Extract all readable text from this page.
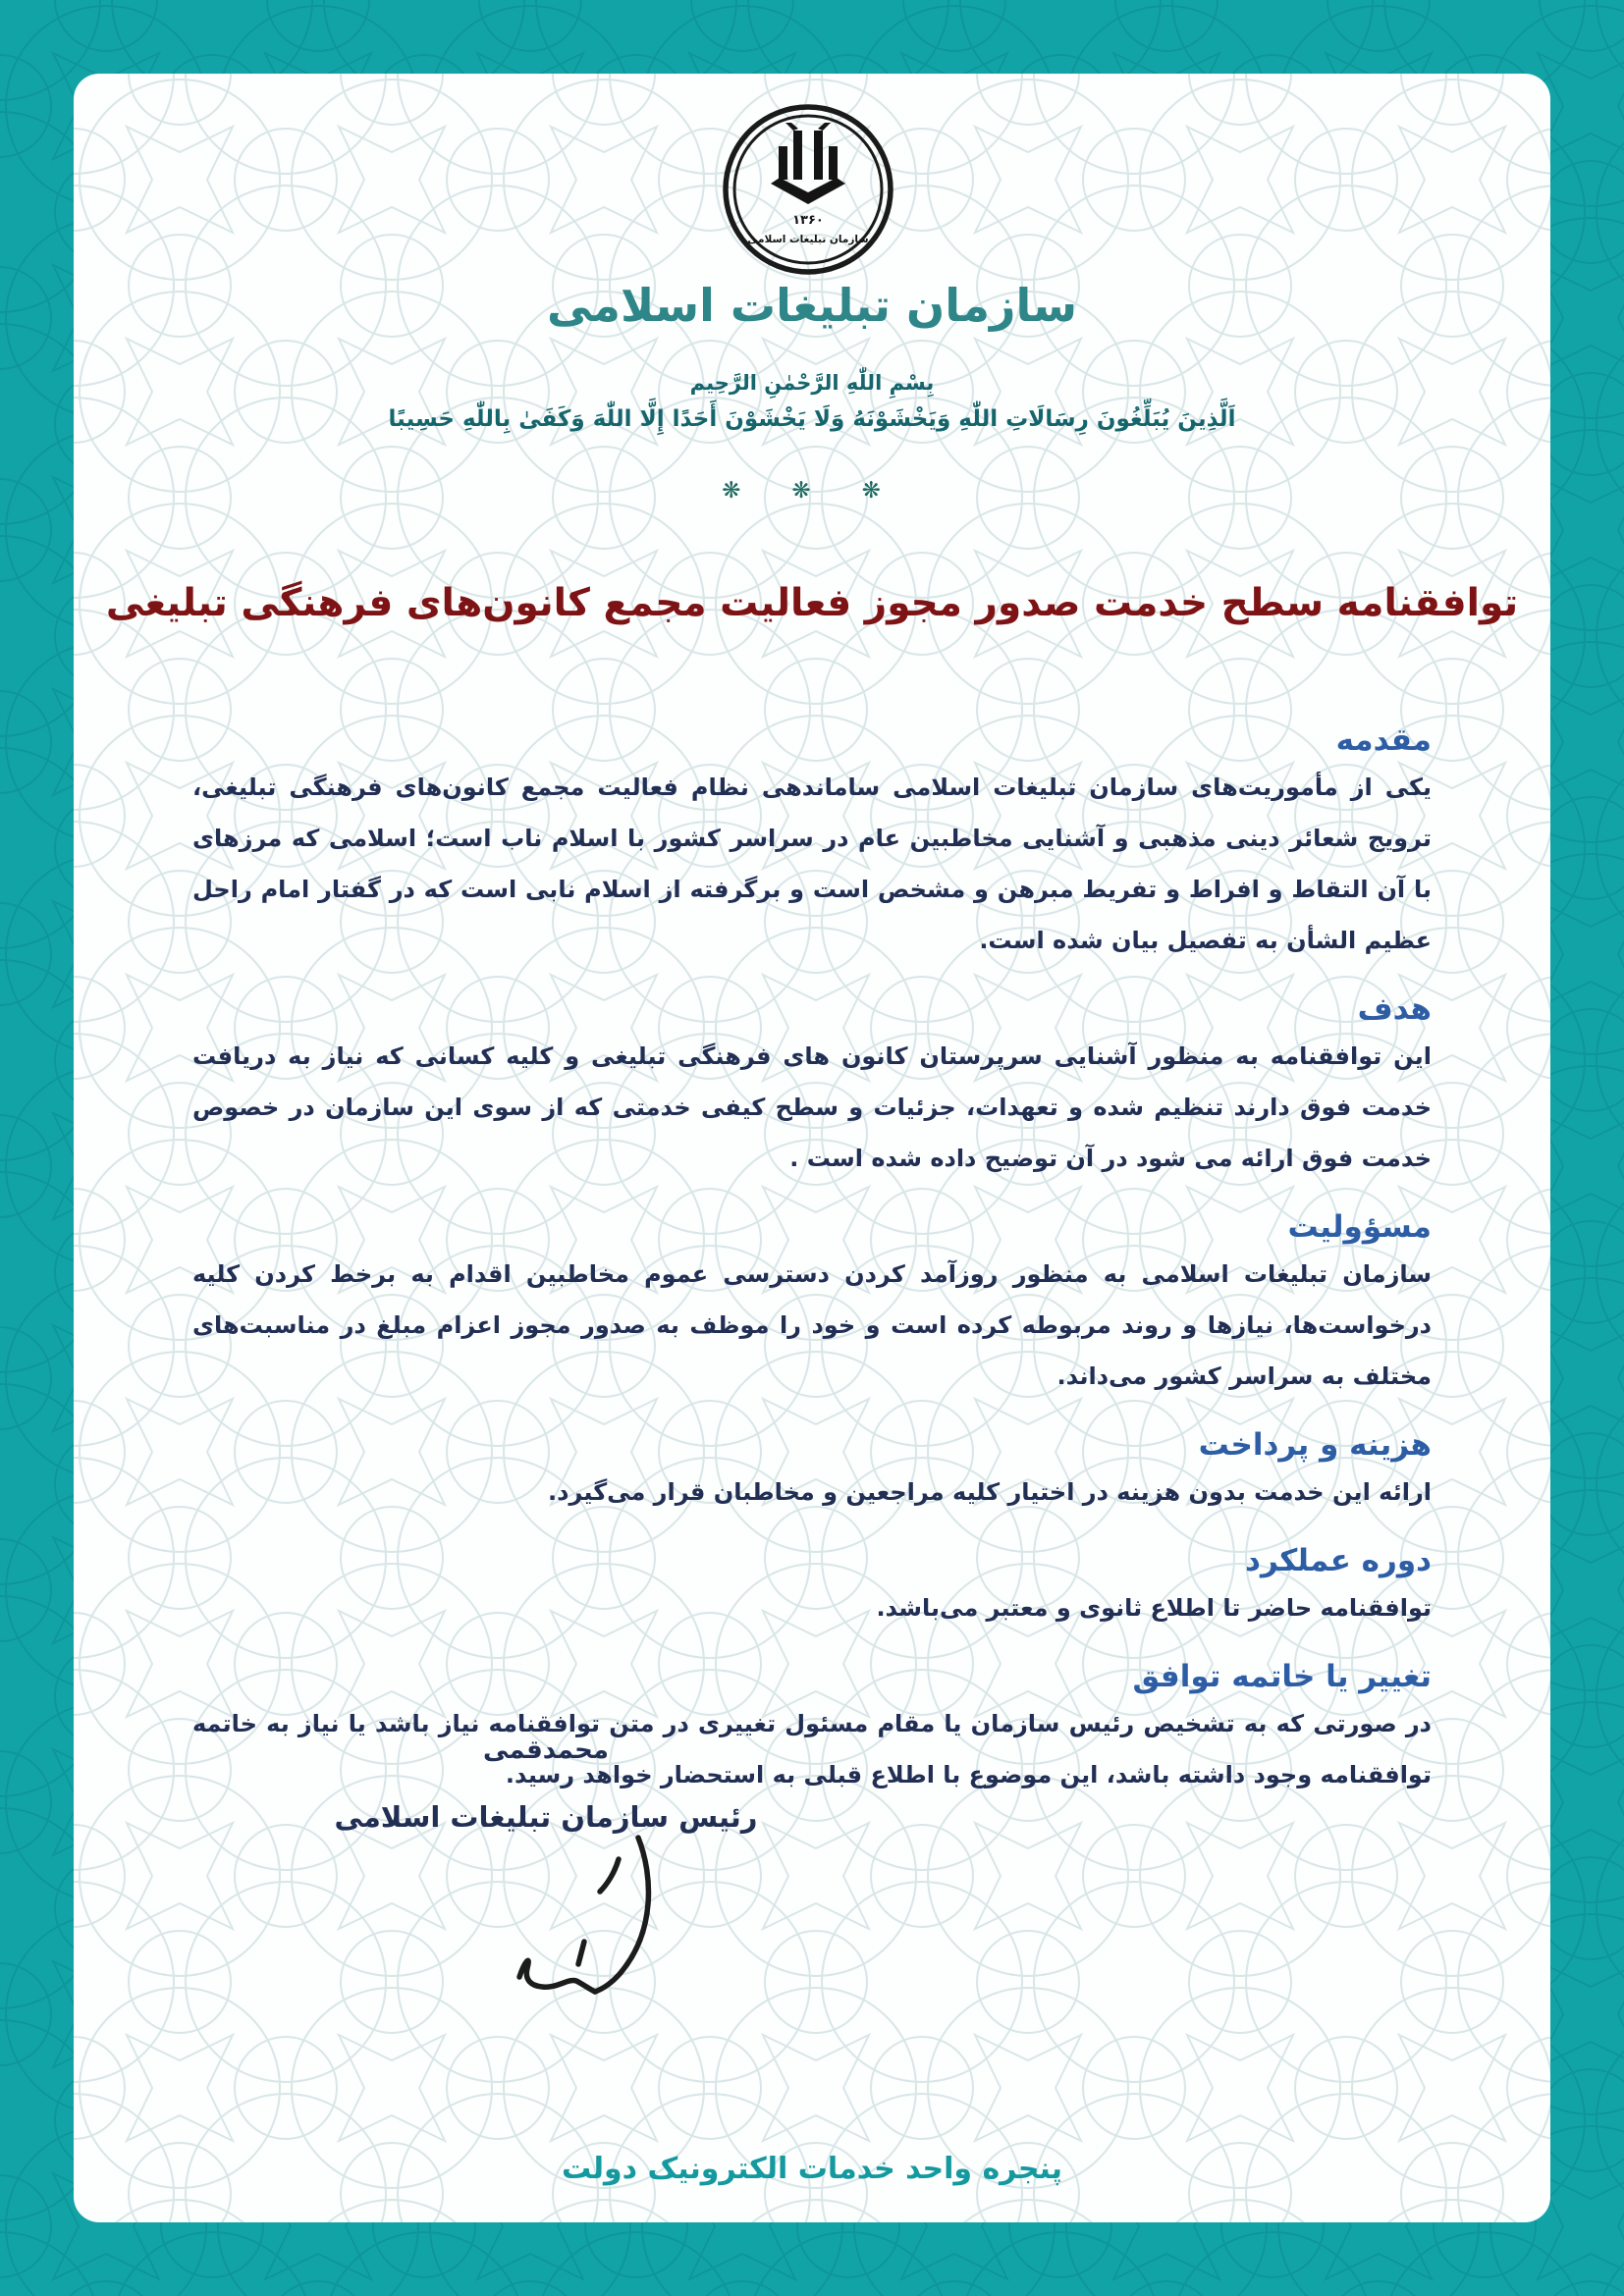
۱۳۶۰
سازمان تبلیغات اسلامی
سازمان تبلیغات اسلامی
بِسْمِ اللّٰهِ الرَّحْمٰنِ الرَّحِیم
اَلَّذِینَ یُبَلِّغُونَ رِسَالَاتِ اللّٰهِ وَیَخْشَوْنَهُ وَلَا یَخْشَوْنَ أَحَدًا إِلَّا اللّٰهَ وَکَفَىٰ بِاللّٰهِ حَسِیبًا
❋ ❋ ❋
توافقنامه سطح خدمت صدور مجوز فعالیت مجمع کانون‌های فرهنگی تبلیغی
مقدمه

یکی از مأموریت‌های سازمان تبلیغات اسلامی ساماندهی نظام فعالیت مجمع کانون‌های فرهنگی تبلیغی، ترویج شعائر دینی مذهبی و آشنایی مخاطبین عام در سراسر کشور با اسلام ناب است؛ اسلامی که مرزهای با آن التقاط و افراط و تفریط مبرهن و مشخص است و برگرفته از اسلام نابی است که در گفتار امام راحل عظیم الشأن به تفصیل بیان شده است.

هدف

این توافقنامه به منظور آشنایی سرپرستان کانون های فرهنگی تبلیغی و کلیه کسانی که نیاز به دریافت خدمت فوق دارند تنظیم شده و تعهدات، جزئیات و سطح کیفی خدمتی که از سوی این سازمان در خصوص خدمت فوق ارائه می شود در آن توضیح داده شده است .

مسؤولیت

سازمان تبلیغات اسلامی به منظور روزآمد کردن دسترسی عموم مخاطبین اقدام به برخط کردن کلیه درخواست‌ها، نیازها و روند مربوطه کرده است و خود را موظف به صدور مجوز اعزام مبلغ در مناسبت‌های مختلف به سراسر کشور می‌داند.

هزینه و پرداخت

ارائه این خدمت بدون هزینه در اختیار کلیه مراجعین و مخاطبان قرار می‌گیرد.

دوره عملکرد

توافقنامه حاضر تا اطلاع ثانوی و معتبر می‌باشد.

تغییر یا خاتمه توافق

در صورتی که به تشخیص رئیس سازمان یا مقام مسئول تغییری در متن توافقنامه نیاز باشد یا نیاز به خاتمه توافقنامه وجود داشته باشد، این موضوع با اطلاع قبلی به استحضار خواهد رسید.

محمدقمی
رئیس سازمان تبلیغات اسلامی
پنجره واحد خدمات الکترونیک دولت
